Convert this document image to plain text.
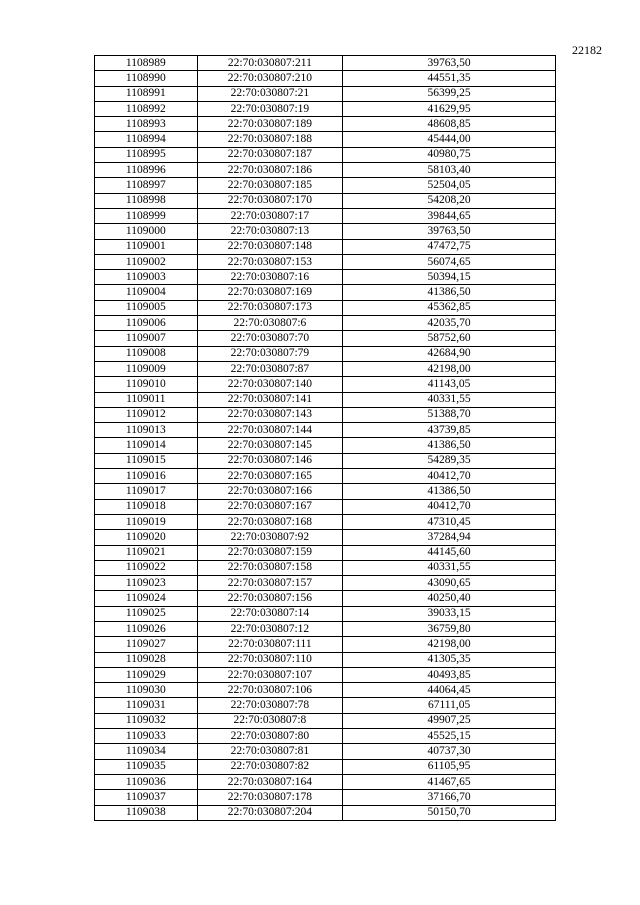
22182
1108989	22:70:030807:211	39763,50
1108990	22:70:030807:210	44551,35
1108991	22:70:030807:21	56399,25
1108992	22:70:030807:19	41629,95
1108993	22:70:030807:189	48608,85
1108994	22:70:030807:188	45444,00
1108995	22:70:030807:187	40980,75
1108996	22:70:030807:186	58103,40
1108997	22:70:030807:185	52504,05
1108998	22:70:030807:170	54208,20
1108999	22:70:030807:17	39844,65
1109000	22:70:030807:13	39763,50
1109001	22:70:030807:148	47472,75
1109002	22:70:030807:153	56074,65
1109003	22:70:030807:16	50394,15
1109004	22:70:030807:169	41386,50
1109005	22:70:030807:173	45362,85
1109006	22:70:030807:6	42035,70
1109007	22:70:030807:70	58752,60
1109008	22:70:030807:79	42684,90
1109009	22:70:030807:87	42198,00
1109010	22:70:030807:140	41143,05
1109011	22:70:030807:141	40331,55
1109012	22:70:030807:143	51388,70
1109013	22:70:030807:144	43739,85
1109014	22:70:030807:145	41386,50
1109015	22:70:030807:146	54289,35
1109016	22:70:030807:165	40412,70
1109017	22:70:030807:166	41386,50
1109018	22:70:030807:167	40412,70
1109019	22:70:030807:168	47310,45
1109020	22:70:030807:92	37284,94
1109021	22:70:030807:159	44145,60
1109022	22:70:030807:158	40331,55
1109023	22:70:030807:157	43090,65
1109024	22:70:030807:156	40250,40
1109025	22:70:030807:14	39033,15
1109026	22:70:030807:12	36759,80
1109027	22:70:030807:111	42198,00
1109028	22:70:030807:110	41305,35
1109029	22:70:030807:107	40493,85
1109030	22:70:030807:106	44064,45
1109031	22:70:030807:78	67111,05
1109032	22:70:030807:8	49907,25
1109033	22:70:030807:80	45525,15
1109034	22:70:030807:81	40737,30
1109035	22:70:030807:82	61105,95
1109036	22:70:030807:164	41467,65
1109037	22:70:030807:178	37166,70
1109038	22:70:030807:204	50150,70
